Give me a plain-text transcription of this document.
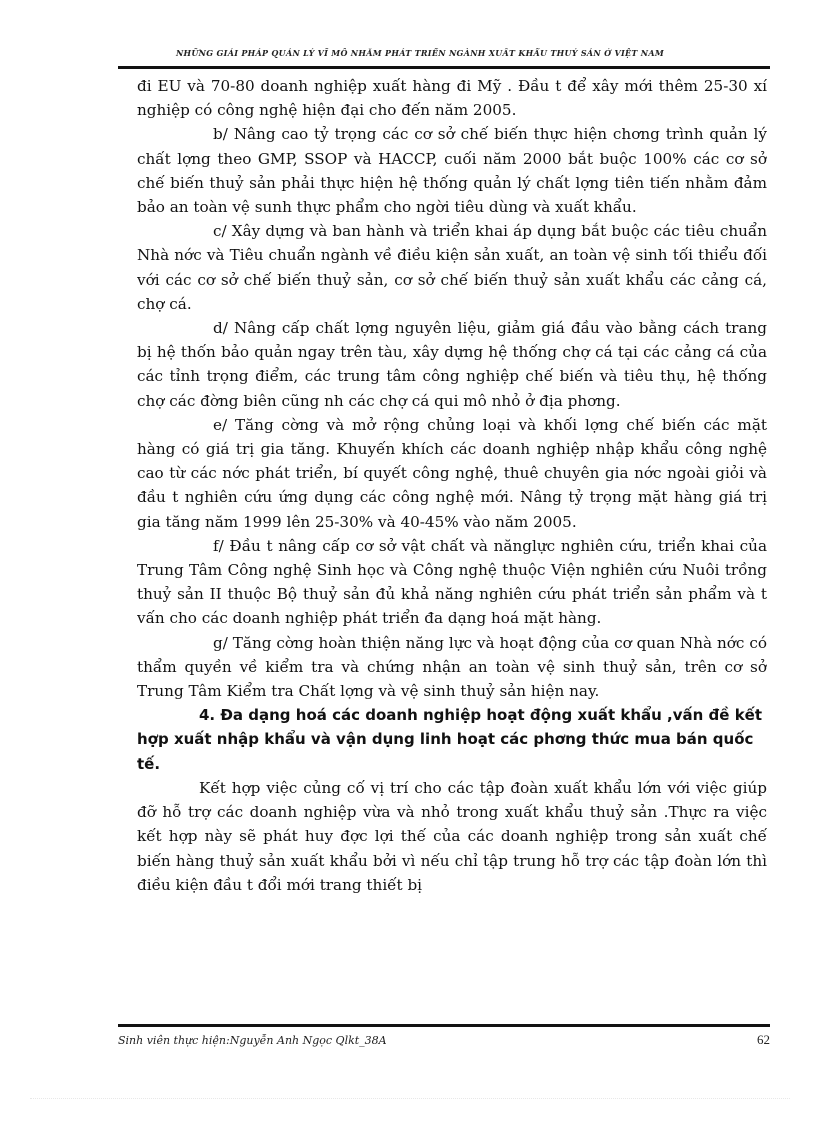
NHỮNG GIẢI PHÁP QUẢN LÝ VĨ MÔ NHẰM PHÁT TRIỂN NGÀNH XUẤT KHẨU THUỶ SẢN Ở VIỆT NAM

đi EU và 70-80 doanh nghiệp xuất hàng đi Mỹ . Đầu t để xây mới thêm 25-30 xí nghiệp có công nghệ hiện đại cho đến năm 2005.

b/ Nâng cao tỷ trọng các cơ sở chế biến thực hiện chơng trình quản lý chất lợng theo GMP, SSOP và HACCP, cuối năm 2000 bắt buộc 100% các cơ sở chế biến thuỷ sản phải thực hiện hệ thống quản lý chất lợng tiên tiến nhằm đảm bảo an toàn vệ sunh thực phẩm cho ngời tiêu dùng và xuất khẩu.

c/ Xây dựng và ban hành và triển khai áp dụng bắt buộc các tiêu chuẩn Nhà nớc và Tiêu chuẩn ngành về điều kiện sản xuất, an toàn vệ sinh tối thiểu đối với các cơ sở chế biến thuỷ sản, cơ sở chế biến thuỷ sản xuất khẩu các cảng cá, chợ cá.

d/ Nâng cấp chất lợng nguyên liệu, giảm giá đầu vào bằng cách trang bị hệ thốn bảo quản ngay trên tàu, xây dựng hệ thống chợ cá tại các cảng cá của các tỉnh trọng điểm, các trung tâm công nghiệp chế biến và tiêu thụ, hệ thống chợ các đờng biên cũng nh các chợ cá qui mô nhỏ ở địa phơng.

e/ Tăng cờng và mở rộng chủng loại và khối lợng chế biến các mặt hàng có giá trị gia tăng. Khuyến khích các doanh nghiệp nhập khẩu công nghệ cao từ các nớc phát triển, bí quyết công nghệ, thuê chuyên gia nớc ngoài giỏi và đầu t nghiên cứu ứng dụng các công nghệ mới. Nâng tỷ trọng mặt hàng giá trị gia tăng năm 1999 lên 25-30% và 40-45% vào năm 2005.

f/ Đầu t nâng cấp cơ sở vật chất và nănglực nghiên cứu, triển khai của Trung Tâm Công nghệ Sinh học và Công nghệ thuộc Viện nghiên cứu Nuôi trồng thuỷ sản II thuộc Bộ thuỷ sản đủ khả năng nghiên cứu phát triển sản phẩm và t vấn cho các doanh nghiệp phát triển đa dạng hoá mặt hàng.

g/ Tăng cờng hoàn thiện năng lực và hoạt động của cơ quan Nhà nớc có thẩm quyền về kiểm tra và chứng nhận an toàn vệ sinh thuỷ sản, trên cơ sở Trung Tâm Kiểm tra Chất lợng và vệ sinh thuỷ sản hiện nay.

4. Đa dạng hoá các doanh nghiệp hoạt động xuất khẩu ,vấn đề kết hợp xuất nhập khẩu và vận dụng linh hoạt các phơng thức mua bán quốc tế.

Kết hợp việc củng cố vị trí cho các tập đoàn xuất khẩu lớn với việc giúp đỡ hỗ trợ các doanh nghiệp vừa và nhỏ trong xuất khẩu thuỷ sản .Thực ra việc kết hợp này sẽ phát huy đợc lợi thế của các doanh nghiệp trong sản xuất chế biến hàng thuỷ sản xuất khẩu bởi vì nếu chỉ tập trung hỗ trợ các tập đoàn lớn thì điều kiện đầu t đổi mới trang thiết bị

Sinh viên thực hiện:Nguyễn Anh Ngọc Qlkt_38A	62
